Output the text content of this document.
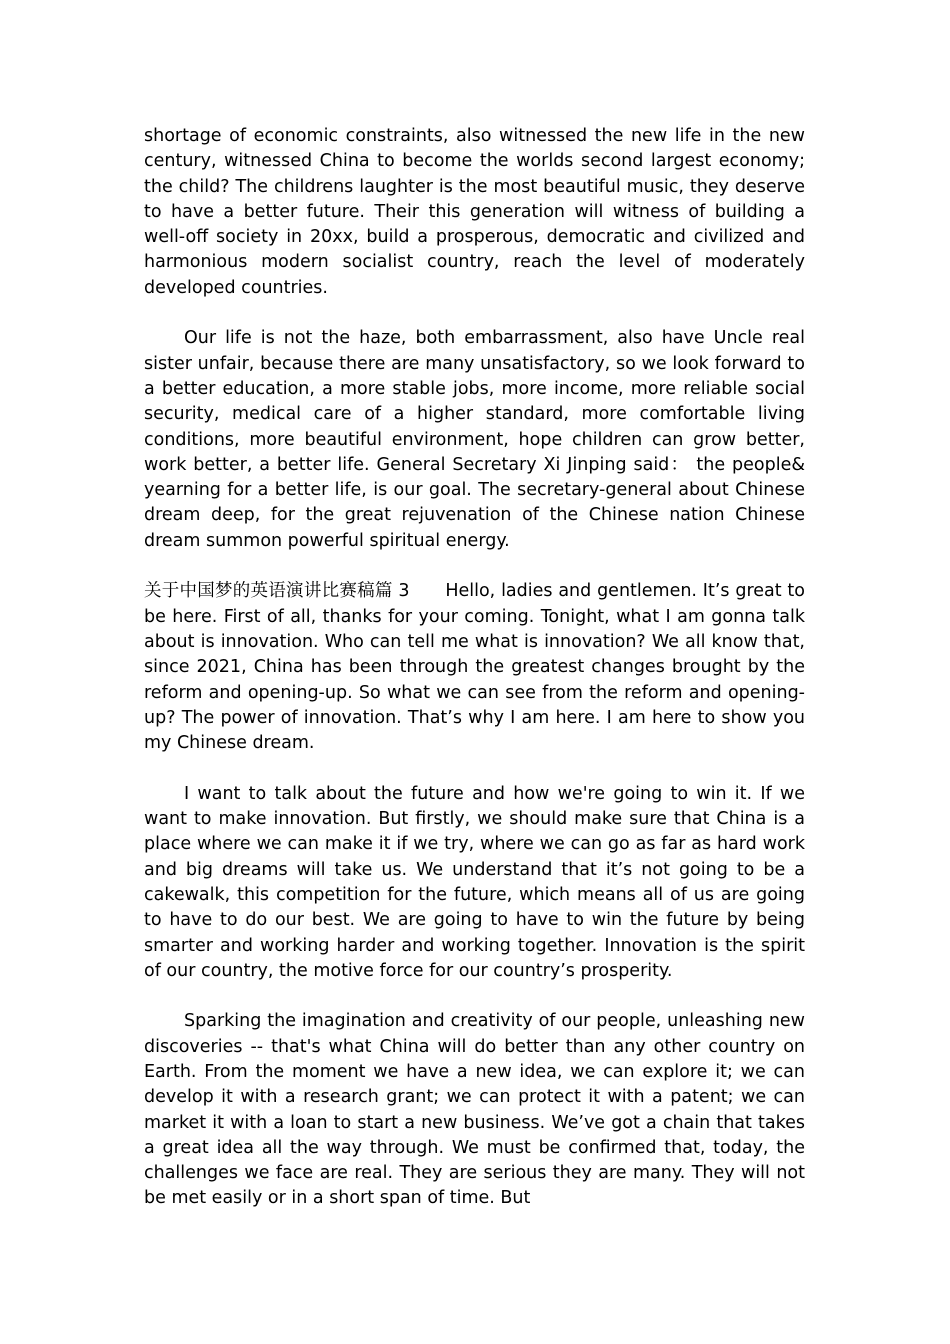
shortage of economic constraints, also witnessed the new life in the new century, witnessed China to become the worlds second largest economy; the child? The childrens laughter is the most beautiful music, they deserve to have a better future. Their this generation will witness of building a well-off society in 20xx, build a prosperous, democratic and civilized and harmonious modern socialist country, reach the level of moderately developed countries.

Our life is not the haze, both embarrassment, also have Uncle real sister unfair, because there are many unsatisfactory, so we look forward to a better education, a more stable jobs, more income, more reliable social security, medical care of a higher standard, more comfortable living conditions, more beautiful environment, hope children can grow better, work better, a better life. General Secretary Xi Jinping said： the people& yearning for a better life, is our goal. The secretary-general about Chinese dream deep, for the great rejuvenation of the Chinese nation Chinese dream summon powerful spiritual energy.

关于中国梦的英语演讲比赛稿篇 3　　Hello, ladies and gentlemen. It’s great to be here. First of all, thanks for your coming. Tonight, what I am gonna talk about is innovation. Who can tell me what is innovation? We all know that, since 2021, China has been through the greatest changes brought by the reform and opening-up. So what we can see from the reform and opening-up? The power of innovation. That’s why I am here. I am here to show you my Chinese dream.

I want to talk about the future and how we're going to win it. If we want to make innovation. But firstly, we should make sure that China is a place where we can make it if we try, where we can go as far as hard work and big dreams will take us. We understand that it’s not going to be a cakewalk, this competition for the future, which means all of us are going to have to do our best. We are going to have to win the future by being smarter and working harder and working together. Innovation is the spirit of our country, the motive force for our country’s prosperity.

Sparking the imagination and creativity of our people, unleashing new discoveries -- that's what China will do better than any other country on Earth. From the moment we have a new idea, we can explore it; we can develop it with a research grant; we can protect it with a patent; we can market it with a loan to start a new business. We’ve got a chain that takes a great idea all the way through. We must be confirmed that, today, the challenges we face are real. They are serious they are many. They will not be met easily or in a short span of time. But
